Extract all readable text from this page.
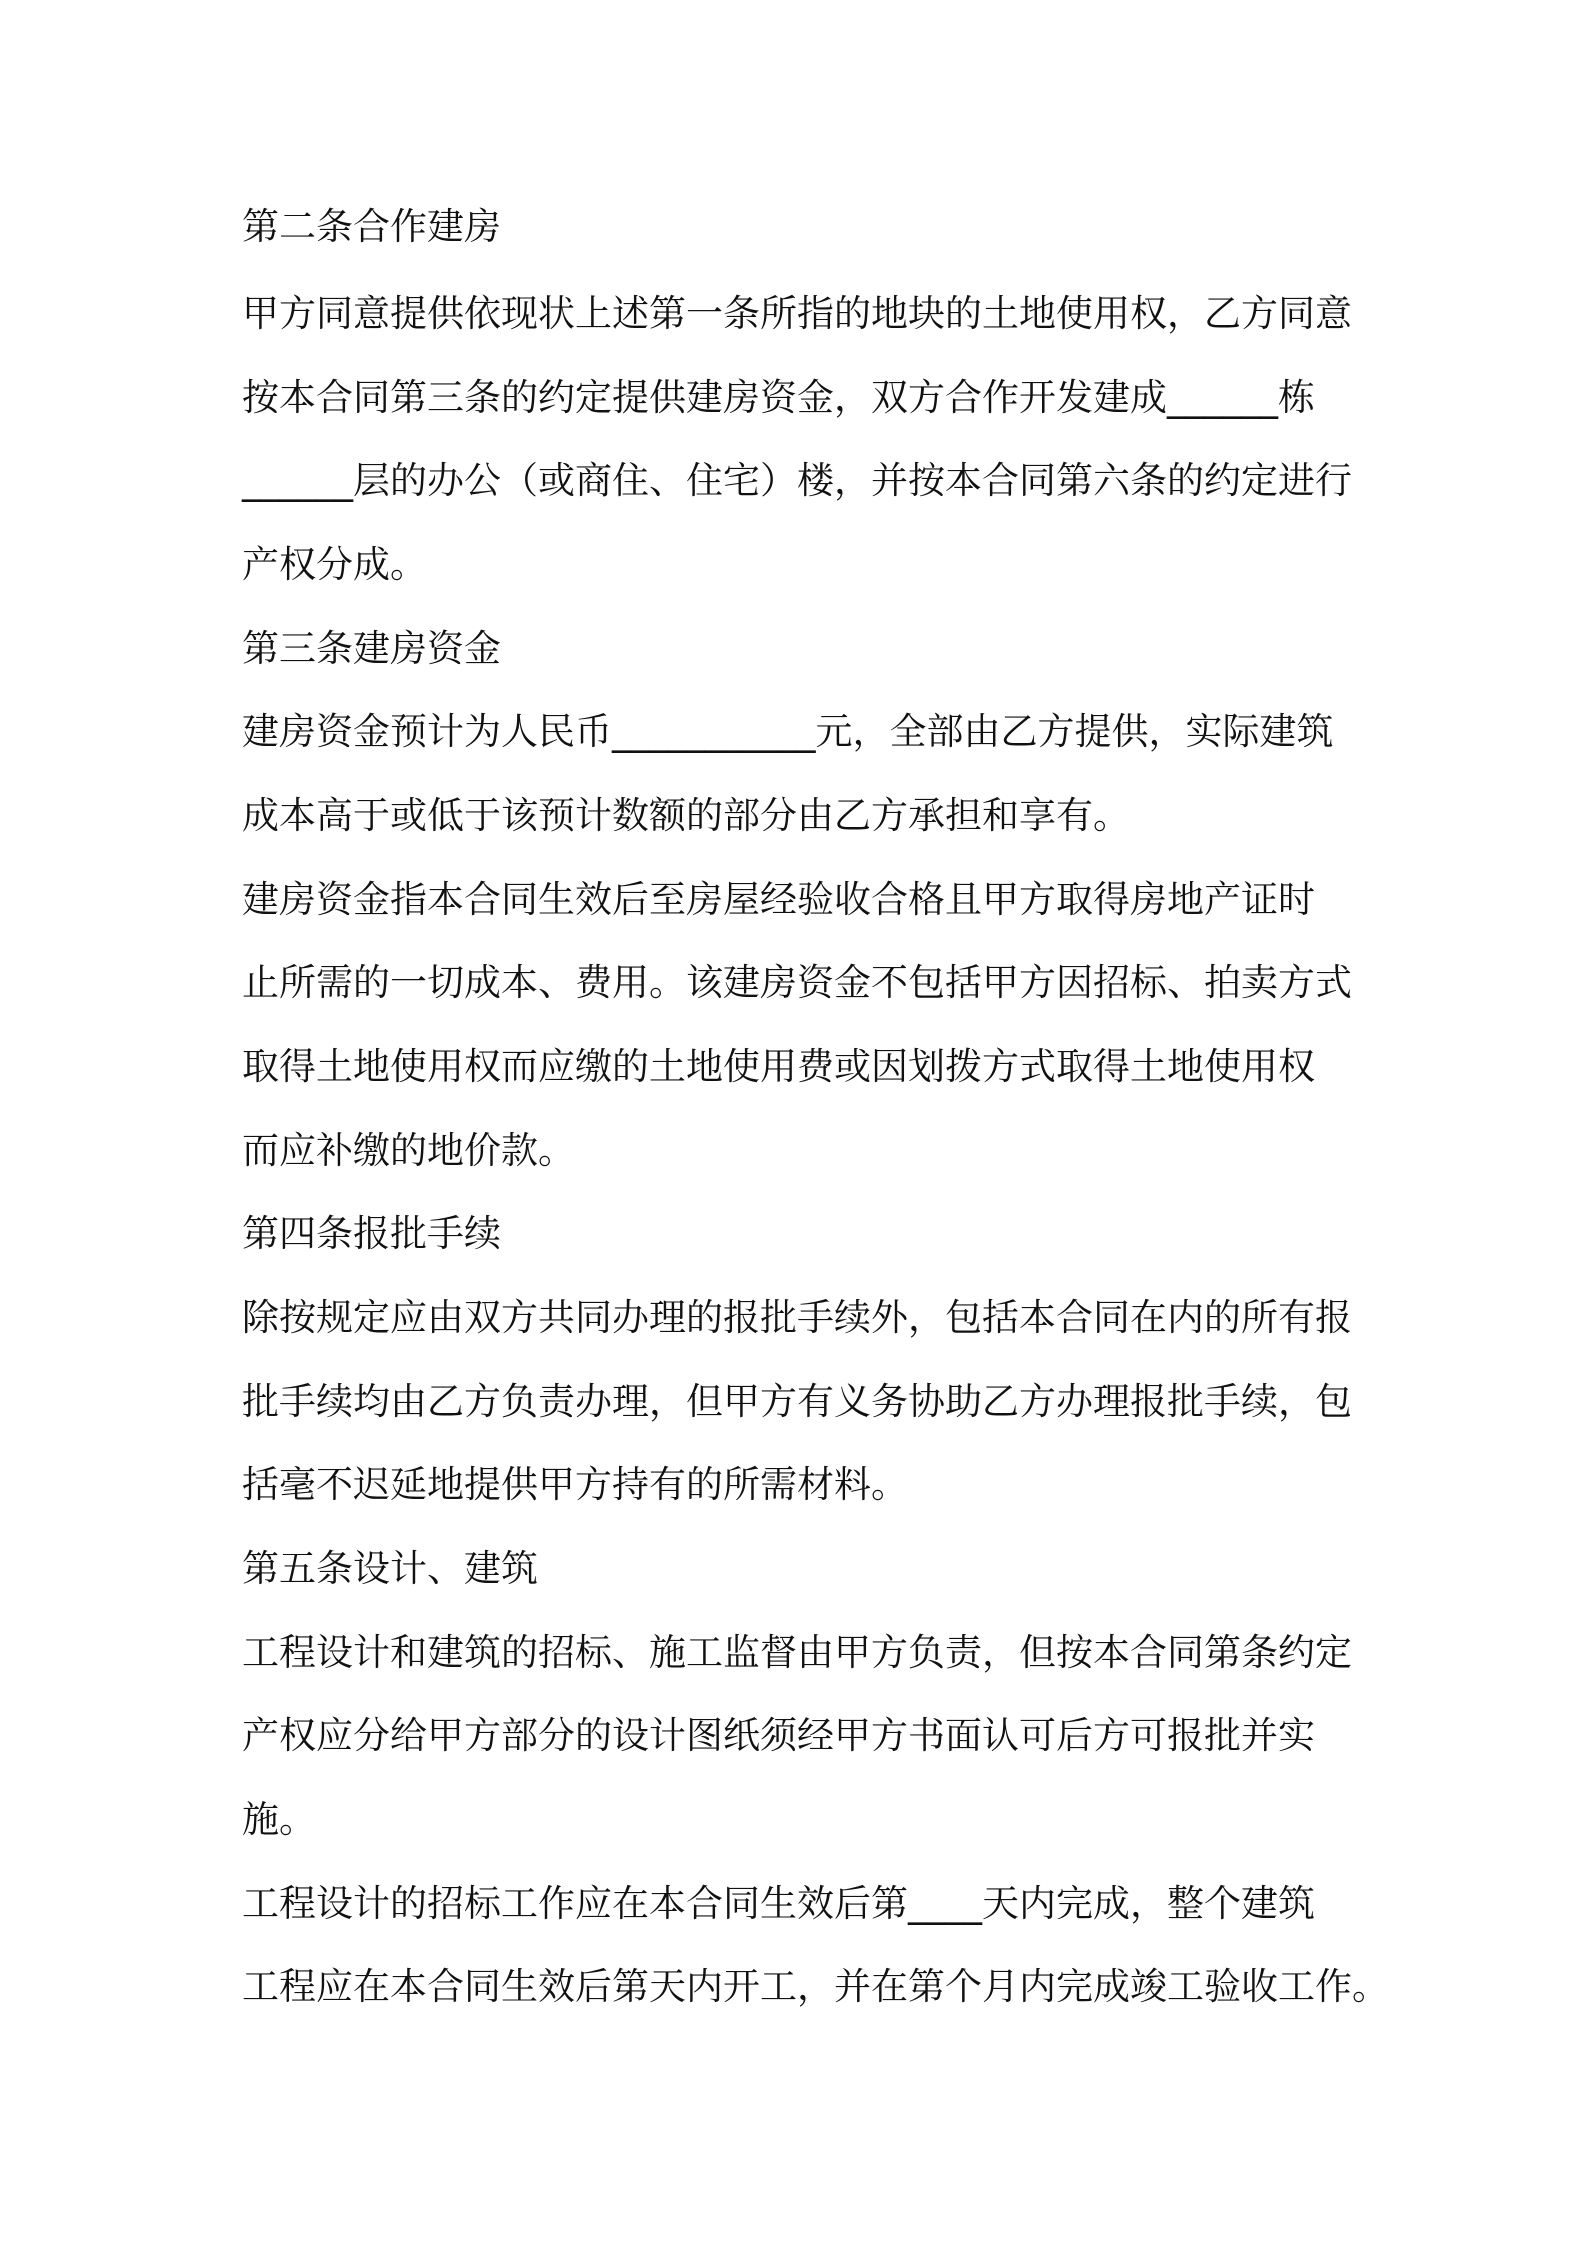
第二条合作建房

甲方同意提供依现状上述第一条所指的地块的土地使用权，乙方同意

按本合同第三条的约定提供建房资金，双方合作开发建成______栋

______层的办公（或商住、住宅）楼，并按本合同第六条的约定进行

产权分成。

第三条建房资金

建房资金预计为人民币___________元，全部由乙方提供，实际建筑

成本高于或低于该预计数额的部分由乙方承担和享有。

建房资金指本合同生效后至房屋经验收合格且甲方取得房地产证时

止所需的一切成本、费用。该建房资金不包括甲方因招标、拍卖方式

取得土地使用权而应缴的土地使用费或因划拨方式取得土地使用权

而应补缴的地价款。

第四条报批手续

除按规定应由双方共同办理的报批手续外，包括本合同在内的所有报

批手续均由乙方负责办理，但甲方有义务协助乙方办理报批手续，包

括毫不迟延地提供甲方持有的所需材料。

第五条设计、建筑

工程设计和建筑的招标、施工监督由甲方负责，但按本合同第条约定

产权应分给甲方部分的设计图纸须经甲方书面认可后方可报批并实

施。

工程设计的招标工作应在本合同生效后第____天内完成，整个建筑

工程应在本合同生效后第天内开工，并在第个月内完成竣工验收工作。
